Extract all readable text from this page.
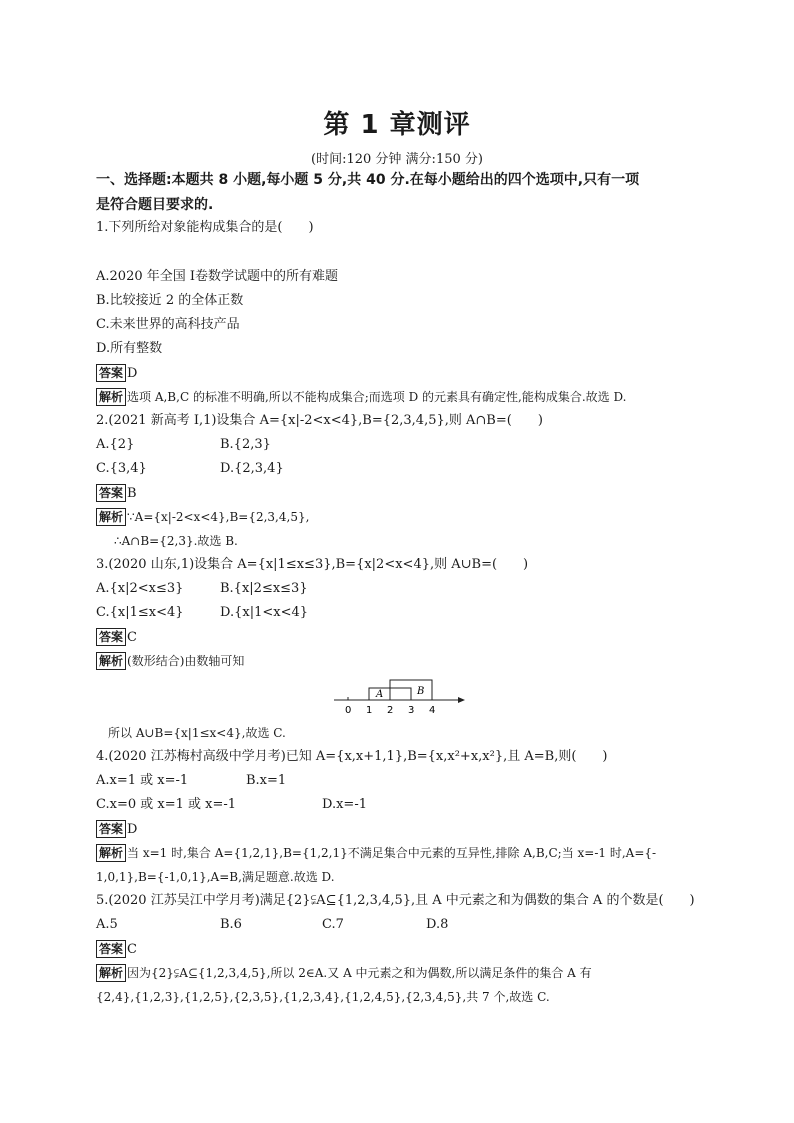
第 1 章测评
(时间:120 分钟 满分:150 分)
一、选择题:本题共 8 小题,每小题 5 分,共 40 分.在每小题给出的四个选项中,只有一项
是符合题目要求的.
1.下列所给对象能构成集合的是(　　)
A.2020 年全国 Ⅰ卷数学试题中的所有难题
B.比较接近 2 的全体正数
C.未来世界的高科技产品
D.所有整数
答案 D
解析 选项 A,B,C 的标准不明确,所以不能构成集合;而选项 D 的元素具有确定性,能构成集合.故选 D.
2.(2021 新高考 Ⅰ,1)设集合 A={x|-2<x<4},B={2,3,4,5},则 A∩B=(　　)
A.{2}	B.{2,3}
C.{3,4}	D.{2,3,4}
答案 B
解析 ∵A={x|-2<x<4},B={2,3,4,5},
∴A∩B={2,3}.故选 B.
3.(2020 山东,1)设集合 A={x|1≤x≤3},B={x|2<x<4},则 A∪B=(　　)
A.{x|2<x≤3}	B.{x|2≤x≤3}
C.{x|1≤x<4}	D.{x|1<x<4}
答案 C
解析 (数形结合)由数轴可知
A	B
0 1 2 3 4
所以 A∪B={x|1≤x<4},故选 C.
4.(2020 江苏梅村高级中学月考)已知 A={x,x+1,1},B={x,x²+x,x²},且 A=B,则(　　)
A.x=1 或 x=-1	B.x=1
C.x=0 或 x=1 或 x=-1	D.x=-1
答案 D
解析 当 x=1 时,集合 A={1,2,1},B={1,2,1}不满足集合中元素的互异性,排除 A,B,C;当 x=-1 时,A={-
1,0,1},B={-1,0,1},A=B,满足题意.故选 D.
5.(2020 江苏吴江中学月考)满足{2}⫋A⊆{1,2,3,4,5},且 A 中元素之和为偶数的集合 A 的个数是(　　)
A.5	B.6	C.7	D.8
答案 C
解析 因为{2}⫋A⊆{1,2,3,4,5},所以 2∈A.又 A 中元素之和为偶数,所以满足条件的集合 A 有
{2,4},{1,2,3},{1,2,5},{2,3,5},{1,2,3,4},{1,2,4,5},{2,3,4,5},共 7 个,故选 C.
